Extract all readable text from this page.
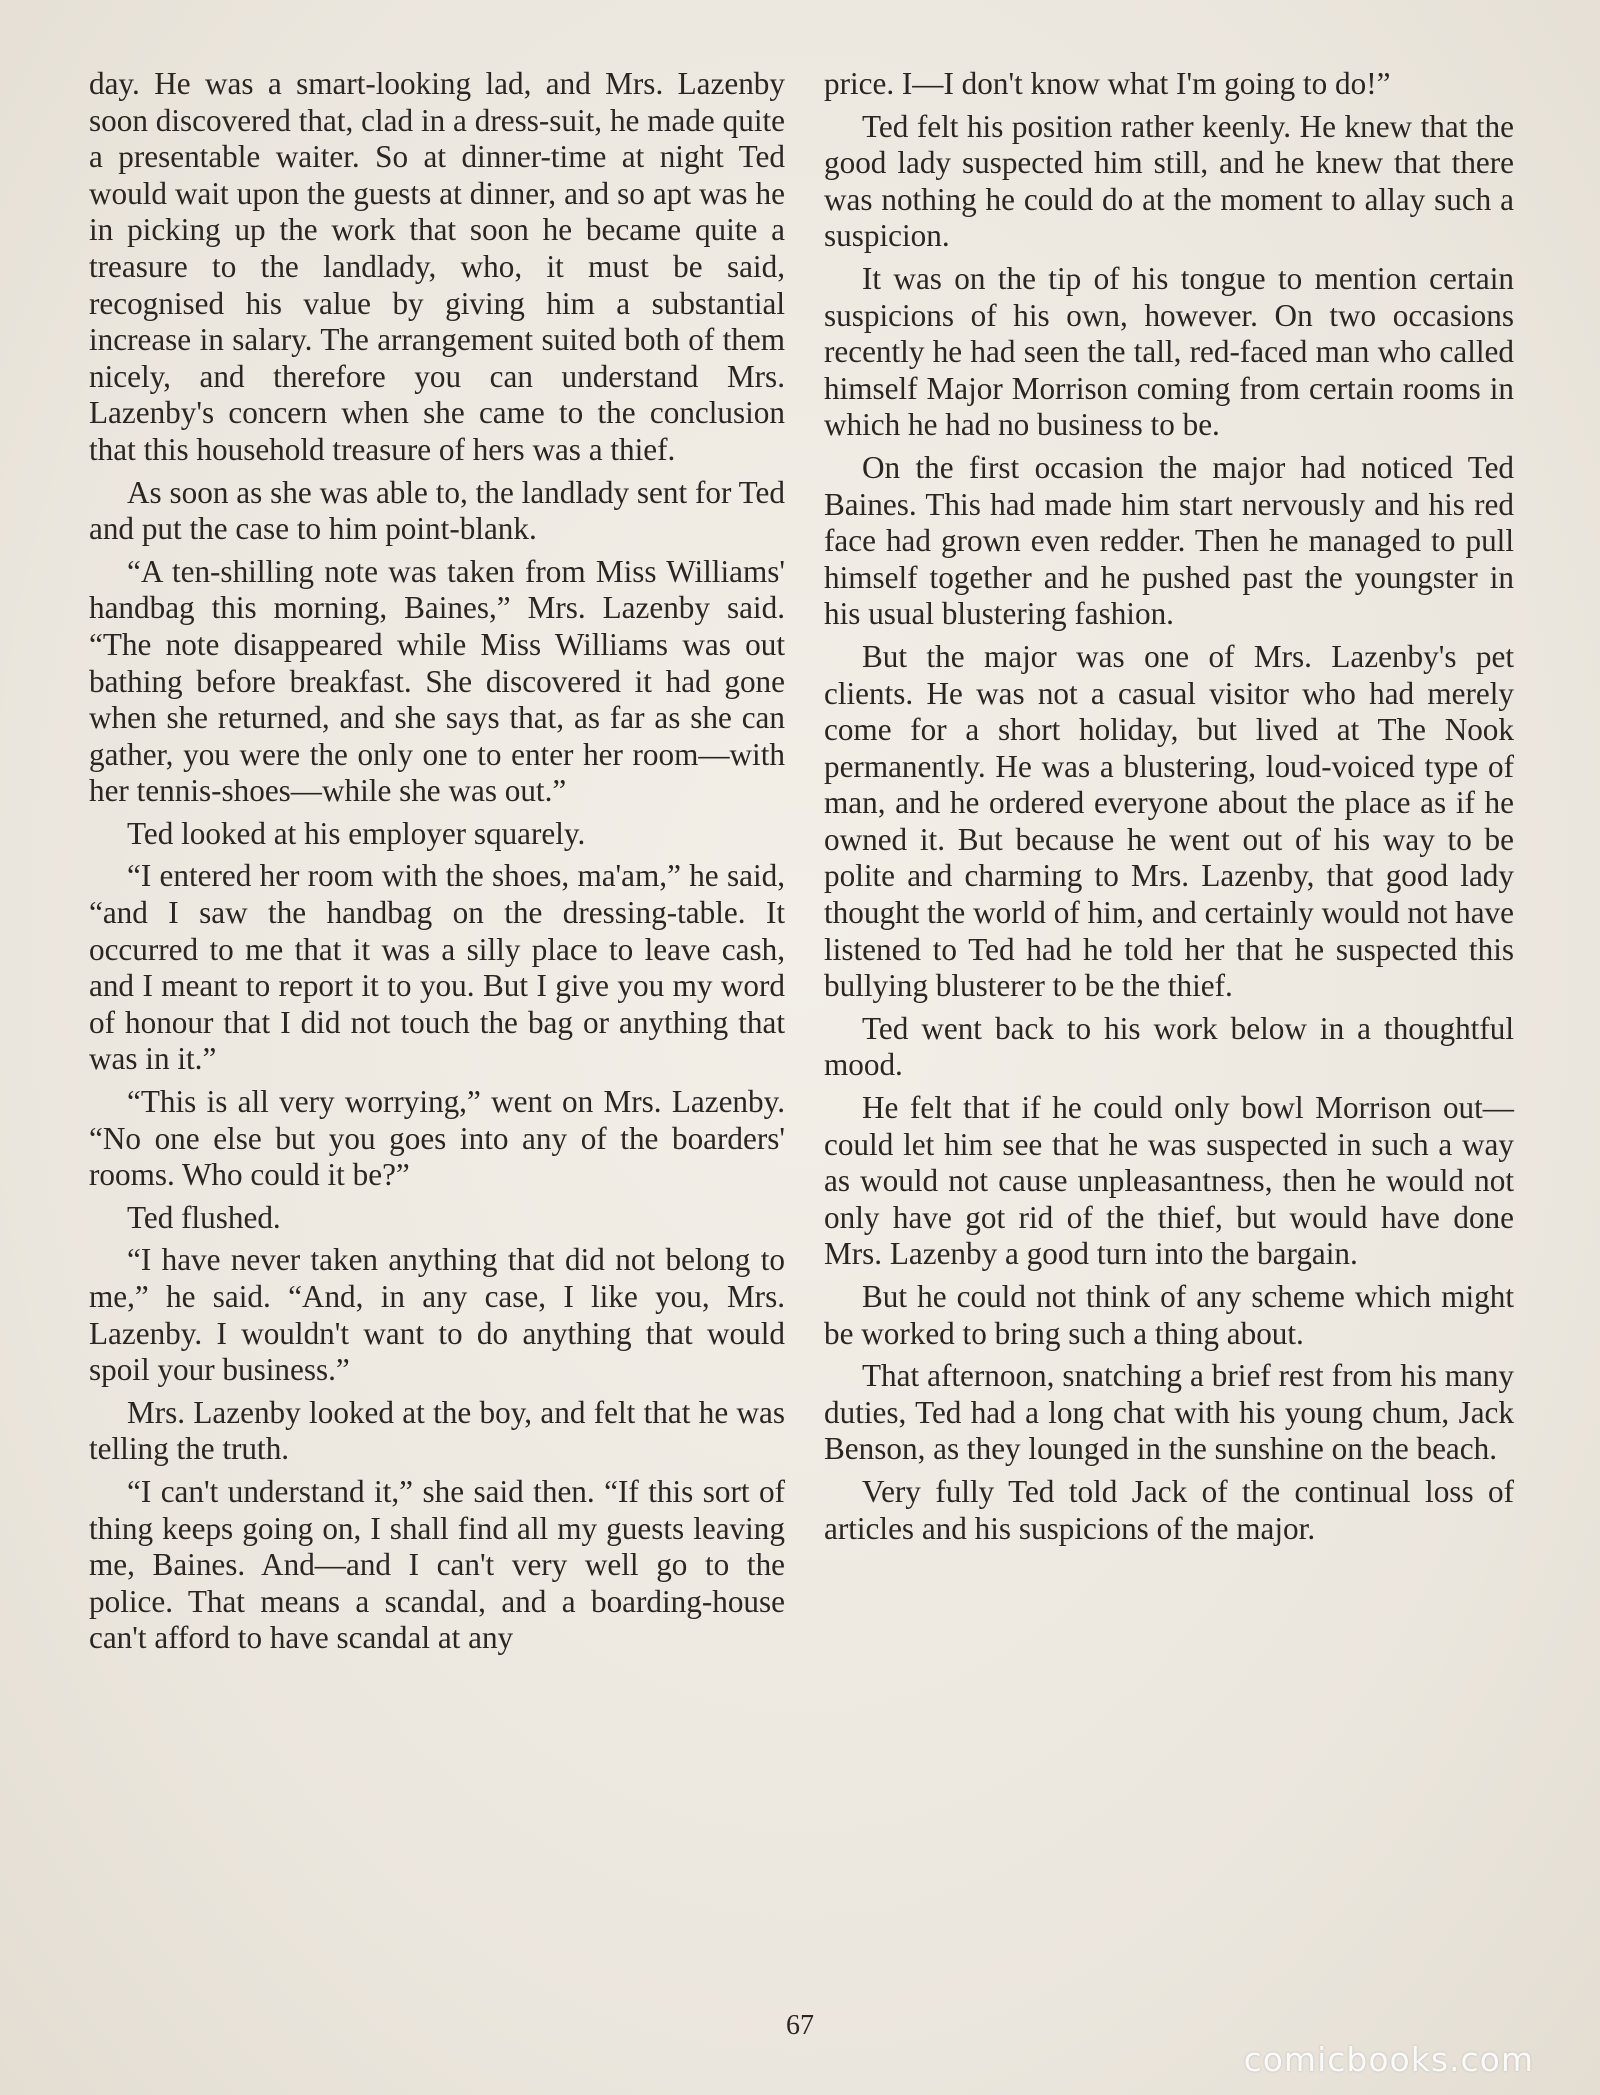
day. He was a smart-looking lad, and Mrs. Lazenby soon discovered that, clad in a dress-suit, he made quite a presentable waiter. So at dinner-time at night Ted would wait upon the guests at dinner, and so apt was he in picking up the work that soon he became quite a treasure to the landlady, who, it must be said, recognised his value by giving him a substantial increase in salary. The arrangement suited both of them nicely, and therefore you can understand Mrs. Lazenby's concern when she came to the conclusion that this household treasure of hers was a thief.

As soon as she was able to, the landlady sent for Ted and put the case to him point-blank.

“A ten-shilling note was taken from Miss Williams' handbag this morning, Baines,” Mrs. Lazenby said. “The note disappeared while Miss Williams was out bathing before breakfast. She discovered it had gone when she returned, and she says that, as far as she can gather, you were the only one to enter her room—with her tennis-shoes—while she was out.”

Ted looked at his employer squarely.

“I entered her room with the shoes, ma'am,” he said, “and I saw the handbag on the dressing-table. It occurred to me that it was a silly place to leave cash, and I meant to report it to you. But I give you my word of honour that I did not touch the bag or anything that was in it.”

“This is all very worrying,” went on Mrs. Lazenby. “No one else but you goes into any of the boarders' rooms. Who could it be?”

Ted flushed.

“I have never taken anything that did not belong to me,” he said. “And, in any case, I like you, Mrs. Lazenby. I wouldn't want to do anything that would spoil your business.”

Mrs. Lazenby looked at the boy, and felt that he was telling the truth.

“I can't understand it,” she said then. “If this sort of thing keeps going on, I shall find all my guests leaving me, Baines. And—and I can't very well go to the police. That means a scandal, and a boarding-house can't afford to have scandal at any

price. I—I don't know what I'm going to do!”

Ted felt his position rather keenly. He knew that the good lady suspected him still, and he knew that there was nothing he could do at the moment to allay such a suspicion.

It was on the tip of his tongue to mention certain suspicions of his own, however. On two occasions recently he had seen the tall, red-faced man who called himself Major Morrison coming from certain rooms in which he had no business to be.

On the first occasion the major had noticed Ted Baines. This had made him start nervously and his red face had grown even redder. Then he managed to pull himself together and he pushed past the youngster in his usual blustering fashion.

But the major was one of Mrs. Lazenby's pet clients. He was not a casual visitor who had merely come for a short holiday, but lived at The Nook permanently. He was a blustering, loud-voiced type of man, and he ordered everyone about the place as if he owned it. But because he went out of his way to be polite and charming to Mrs. Lazenby, that good lady thought the world of him, and certainly would not have listened to Ted had he told her that he suspected this bullying blusterer to be the thief.

Ted went back to his work below in a thoughtful mood.

He felt that if he could only bowl Morrison out—could let him see that he was suspected in such a way as would not cause unpleasantness, then he would not only have got rid of the thief, but would have done Mrs. Lazenby a good turn into the bargain.

But he could not think of any scheme which might be worked to bring such a thing about.

That afternoon, snatching a brief rest from his many duties, Ted had a long chat with his young chum, Jack Benson, as they lounged in the sunshine on the beach.

Very fully Ted told Jack of the continual loss of articles and his suspicions of the major.

67
comicbooks.com
